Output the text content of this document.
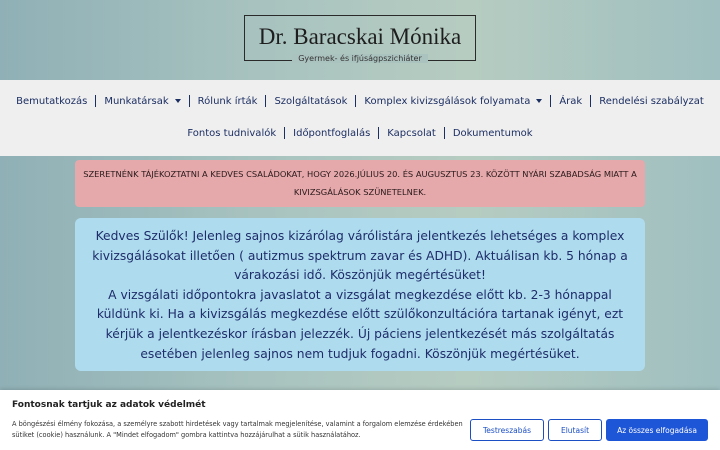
Dr. Baracskai Mónika
Gyermek- és ifjúságpszichiáter
Bemutatkozás Munkatársak	Rólunk írták Szolgáltatások Komplex kivizsgálások folyamata	Árak Rendelési szabályzat
Fontos tudnivalók Időpontfoglalás Kapcsolat Dokumentumok
SZERETNÉNK TÁJÉKOZTATNI A KEDVES CSALÁDOKAT, HOGY 2026.JÚLIUS 20. ÉS AUGUSZTUS 23. KÖZÖTT NYÁRI SZABADSÁG MIATT A
KIVIZSGÁLÁSOK SZÜNETELNEK.
Kedves Szülők! Jelenleg sajnos kizárólag várólistára jelentkezés lehetséges a komplex
kivizsgálásokat illetően ( autizmus spektrum zavar és ADHD). Aktuálisan kb. 5 hónap a
várakozási idő. Köszönjük megértésüket!
A vizsgálati időpontokra javaslatot a vizsgálat megkezdése előtt kb. 2-3 hónappal
küldünk ki. Ha a kivizsgálás megkezdése előtt szülőkonzultációra tartanak igényt, ezt
kérjük a jelentkezéskor írásban jelezzék. Új páciens jelentkezését más szolgáltatás
esetében jelenleg sajnos nem tudjuk fogadni. Köszönjük megértésüket.
Fontosnak tartjuk az adatok védelmét
A böngészési élmény fokozása, a személyre szabott hirdetések vagy tartalmak megjelenítése, valamint a forgalom elemzése érdekében
sütiket (cookie) használunk. A "Mindet elfogadom" gombra kattintva hozzájárulhat a sütik használatához.
Testreszabás	Elutasít	Az összes elfogadása
